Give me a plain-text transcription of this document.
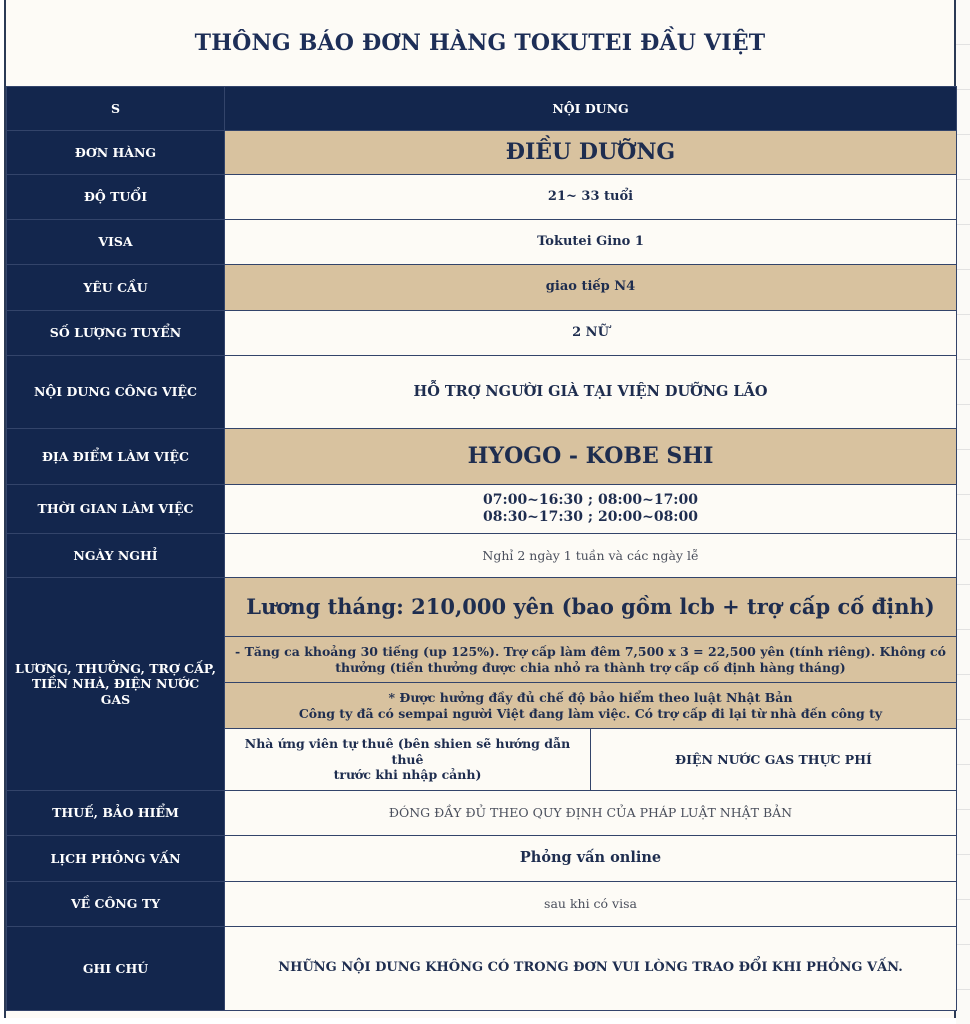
THÔNG BÁO ĐƠN HÀNG TOKUTEI ĐẦU VIỆT
S	NỘI DUNG	
ĐƠN HÀNG	ĐIỀU DƯỠNG	
ĐỘ TUỔI	21~ 33 tuổi	
VISA	Tokutei Gino 1	
YÊU CẦU	giao tiếp N4	
SỐ LƯỢNG TUYỂN	2 NỮ	
NỘI DUNG CÔNG VIỆC	HỖ TRỢ NGƯỜI GIÀ TẠI VIỆN DƯỠNG LÃO	
ĐỊA ĐIỂM LÀM VIỆC	HYOGO - KOBE SHI	
THỜI GIAN LÀM VIỆC	07:00~16:30 ; 08:00~17:00
08:30~17:30 ; 20:00~08:00	

NGÀY NGHỈ	Nghỉ 2 ngày 1 tuần và các ngày lễ	

LƯƠNG, THƯỞNG, TRỢ CẤP,
TIỀN NHÀ, ĐIỆN NƯỚC GAS	Lương tháng: 210,000 yên (bao gồm lcb + trợ cấp cố định)	

	- Tăng ca khoảng 30 tiếng (up 125%). Trợ cấp làm đêm 7,500 x 3 = 22,500 yên (tính riêng). Không có
thưởng (tiền thưởng được chia nhỏ ra thành trợ cấp cố định hàng tháng)	

	* Được hưởng đầy đủ chế độ bảo hiểm theo luật Nhật Bản
Công ty đã có sempai người Việt đang làm việc. Có trợ cấp đi lại từ nhà đến công ty	

	Nhà ứng viên tự thuê (bên shien sẽ hướng dẫn thuê
trước khi nhập cảnh)	ĐIỆN NƯỚC GAS THỰC PHÍ
THUẾ, BẢO HIỂM	ĐÓNG ĐẦY ĐỦ THEO QUY ĐỊNH CỦA PHÁP LUẬT NHẬT BẢN	
LỊCH PHỎNG VẤN	Phỏng vấn online	
VỀ CÔNG TY	sau khi có visa	
GHI CHÚ	NHỮNG NỘI DUNG KHÔNG CÓ TRONG ĐƠN VUI LÒNG TRAO ĐỔI KHI PHỎNG VẤN.	
